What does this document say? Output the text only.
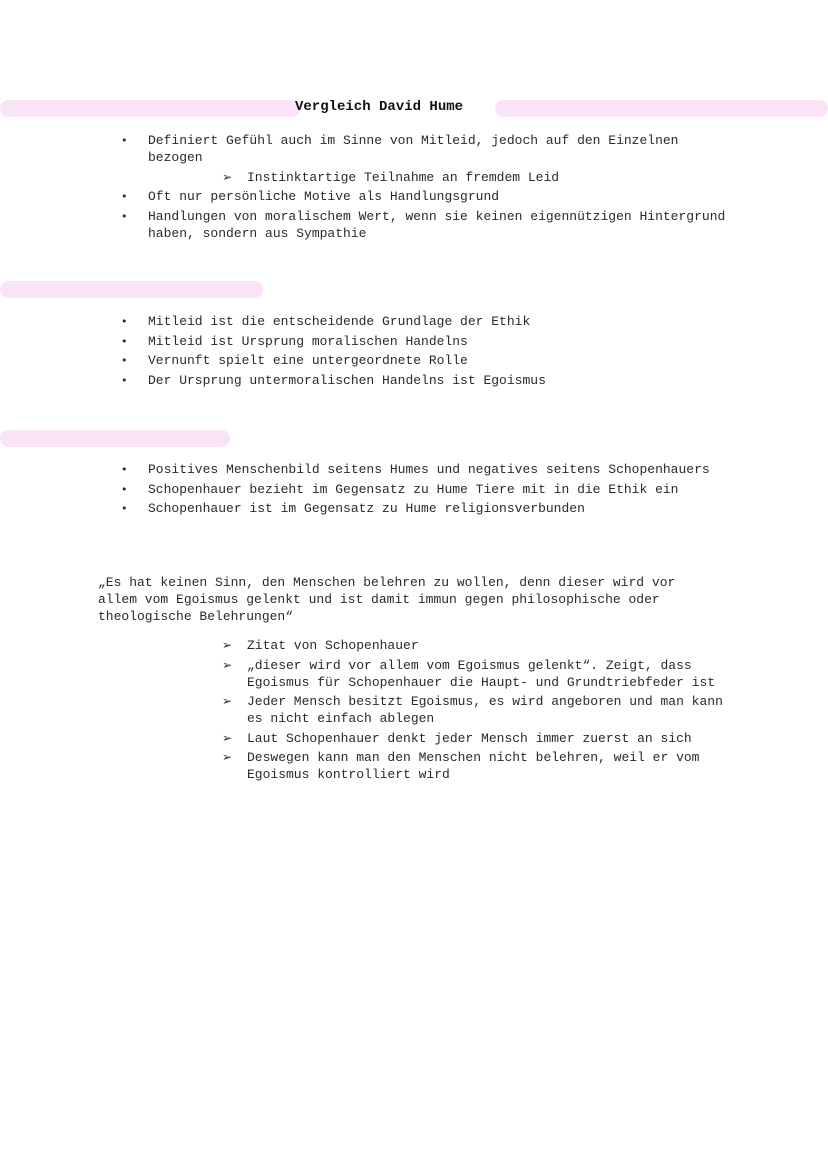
Vergleich David Hume
• Definiert Gefühl auch im Sinne von Mitleid, jedoch auf den Einzelnen bezogen
➢ Instinktartige Teilnahme an fremdem Leid
• Oft nur persönliche Motive als Handlungsgrund
• Handlungen von moralischem Wert, wenn sie keinen eigennützigen Hintergrund haben, sondern aus Sympathie
• Mitleid ist die entscheidende Grundlage der Ethik
• Mitleid ist Ursprung moralischen Handelns
• Vernunft spielt eine untergeordnete Rolle
• Der Ursprung untermoralischen Handelns ist Egoismus
• Positives Menschenbild seitens Humes und negatives seitens Schopenhauers
• Schopenhauer bezieht im Gegensatz zu Hume Tiere mit in die Ethik ein
• Schopenhauer ist im Gegensatz zu Hume religionsverbunden
„Es hat keinen Sinn, den Menschen belehren zu wollen, denn dieser wird vor
allem vom Egoismus gelenkt und ist damit immun gegen philosophische oder
theologische Belehrungen“
➢ Zitat von Schopenhauer
➢ „dieser wird vor allem vom Egoismus gelenkt“. Zeigt, dass Egoismus für Schopenhauer die Haupt- und Grundtriebfeder ist
➢ Jeder Mensch besitzt Egoismus, es wird angeboren und man kann es nicht einfach ablegen
➢ Laut Schopenhauer denkt jeder Mensch immer zuerst an sich
➢ Deswegen kann man den Menschen nicht belehren, weil er vom Egoismus kontrolliert wird
